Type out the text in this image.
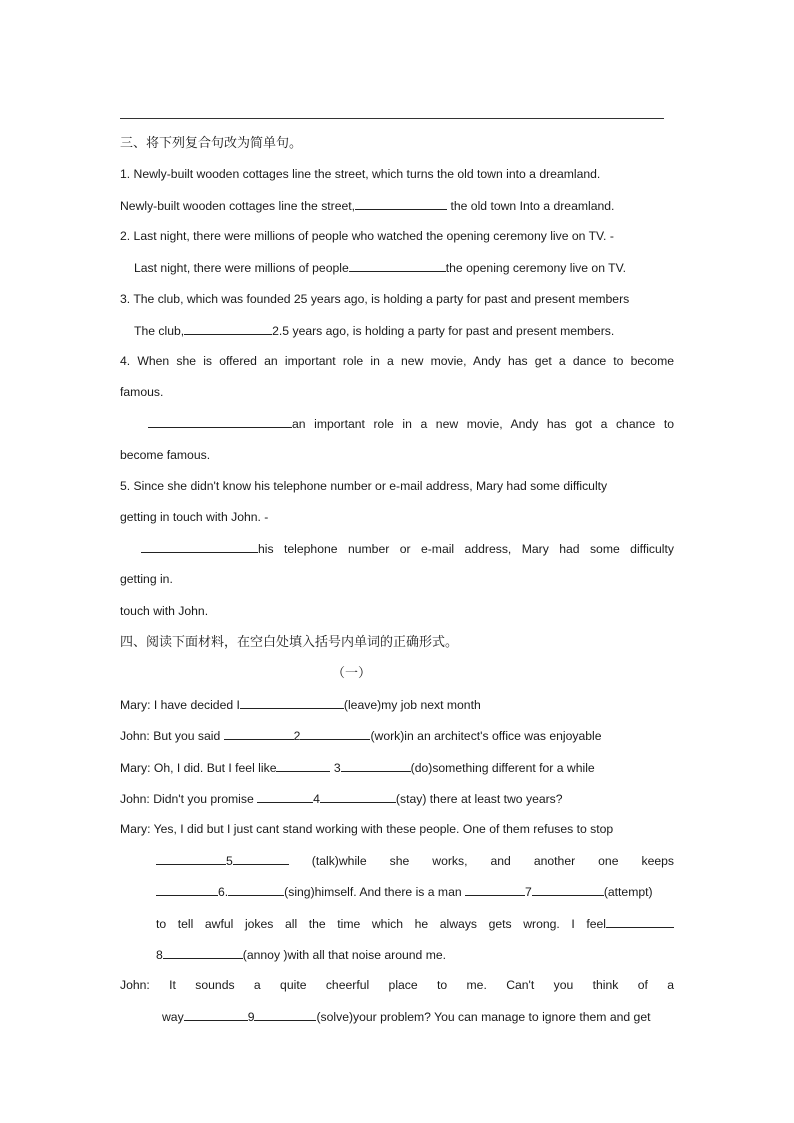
三、将下列复合句改为简单句。
1. Newly-built wooden cottages line the street, which turns the old town into a dreamland.
Newly-built wooden cottages line the street,	the old town Into a dreamland.
2. Last night, there were millions of people who watched the opening ceremony live on TV. -
Last night, there were millions of people	the opening ceremony live on TV.
3. The club, which was founded 25 years ago, is holding a party for past and present members
The club,	2.5 years ago, is holding a party for past and present members.
4. When she is offered an important role in a new movie, Andy has get a dance to become
famous.
an important role in a new movie, Andy has got a chance to
become famous.
5. Since she didn't know his telephone number or e-mail address, Mary had some difficulty
getting in touch with John. -
his telephone number or e-mail address, Mary had some difficulty
getting in.
touch with John.
四、阅读下面材料，在空白处填入括号内单词的正确形式。
（一）
Mary: I have decided I	(leave)my job next month
John: But you said	2	(work)in an architect's office was enjoyable
Mary: Oh, I did. But I feel like	3	(do)something different for a while
John: Didn't you promise	4	(stay) there at least two years?
Mary: Yes, I did but I just cant stand working with these people. One of them refuses to stop
5	(talk)while she works, and another one keeps
6.	(sing)himself. And there is a man	7	(attempt)
to tell awful jokes all the time which he always gets wrong. I feel
8	(annoy )with all that noise around me.
John: It sounds a quite cheerful place to me. Can't you think of a
way	9	(solve)your problem? You can manage to ignore them and get
